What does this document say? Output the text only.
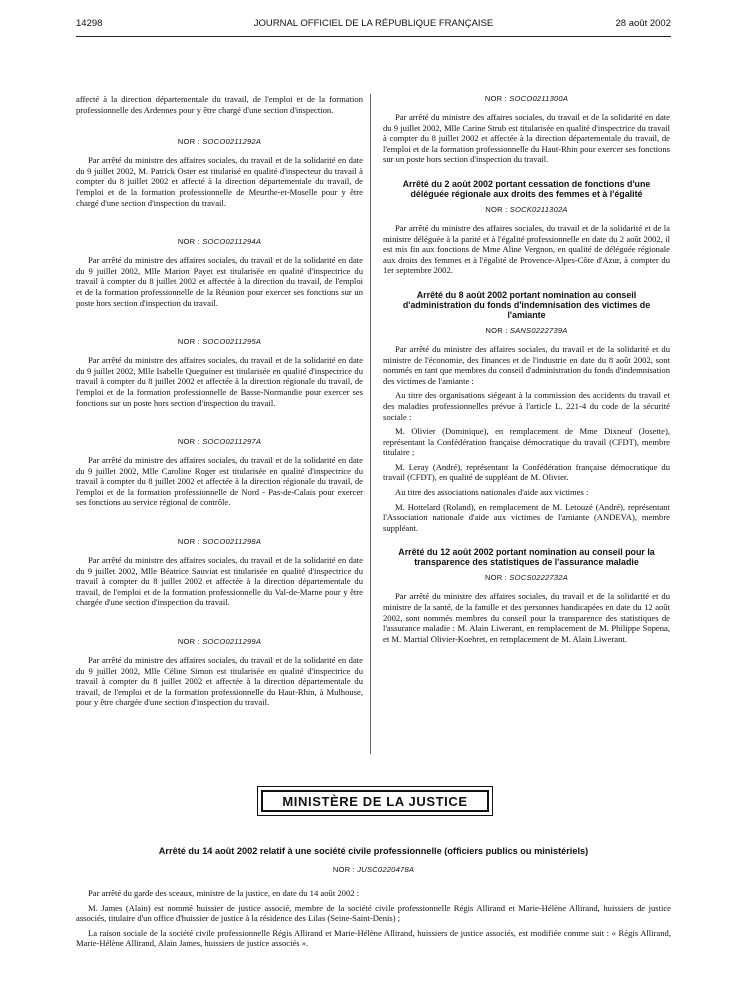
14298	JOURNAL OFFICIEL DE LA RÉPUBLIQUE FRANÇAISE	28 août 2002

affecté à la direction départementale du travail, de l'emploi et de la formation professionnelle des Ardennes pour y être chargé d'une section d'inspection.

NOR : SOCO0211292A

Par arrêté du ministre des affaires sociales, du travail et de la solidarité en date du 9 juillet 2002, M. Patrick Oster est titularisé en qualité d'inspecteur du travail à compter du 8 juillet 2002 et affecté à la direction départementale du travail, de l'emploi et de la formation professionnelle de Meurthe-et-Moselle pour y être chargé d'une section d'inspection du travail.

NOR : SOCO0211294A

Par arrêté du ministre des affaires sociales, du travail et de la solidarité en date du 9 juillet 2002, Mlle Marion Payet est titularisée en qualité d'inspectrice du travail à compter du 8 juillet 2002 et affectée à la direction du travail, de l'emploi et de la formation professionnelle de la Réunion pour exercer ses fonctions sur un poste hors section d'inspection du travail.

NOR : SOCO0211295A

Par arrêté du ministre des affaires sociales, du travail et de la solidarité en date du 9 juillet 2002, Mlle Isabelle Queguiner est titularisée en qualité d'inspectrice du travail à compter du 8 juillet 2002 et affectée à la direction régionale du travail, de l'emploi et de la formation professionnelle de Basse-Normandie pour exercer ses fonctions sur un poste hors section d'inspection du travail.

NOR : SOCO0211297A

Par arrêté du ministre des affaires sociales, du travail et de la solidarité en date du 9 juillet 2002, Mlle Caroline Roger est titularisée en qualité d'inspectrice du travail à compter du 8 juillet 2002 et affectée à la direction régionale du travail, de l'emploi et de la formation professionnelle de Nord - Pas-de-Calais pour exercer ses fonctions au service régional de contrôle.

NOR : SOCO0211298A

Par arrêté du ministre des affaires sociales, du travail et de la solidarité en date du 9 juillet 2002, Mlle Béatrice Sauviat est titularisée en qualité d'inspectrice du travail à compter du 8 juillet 2002 et affectée à la direction départementale du travail, de l'emploi et de la formation professionnelle du Val-de-Marne pour y être chargée d'une section d'inspection du travail.

NOR : SOCO0211299A

Par arrêté du ministre des affaires sociales, du travail et de la solidarité en date du 9 juillet 2002, Mlle Céline Simon est titularisée en qualité d'inspectrice du travail à compter du 8 juillet 2002 et affectée à la direction départementale du travail, de l'emploi et de la formation professionnelle du Haut-Rhin, à Mulhouse, pour y être chargée d'une section d'inspection du travail.

NOR : SOCO0211300A

Par arrêté du ministre des affaires sociales, du travail et de la solidarité en date du 9 juillet 2002, Mlle Carine Strub est titularisée en qualité d'inspectrice du travail à compter du 8 juillet 2002 et affectée à la direction départementale du travail, de l'emploi et de la formation professionnelle du Haut-Rhin pour exercer ses fonctions sur un poste hors section d'inspection du travail.

Arrêté du 2 août 2002 portant cessation de fonctions d'une déléguée régionale aux droits des femmes et à l'égalité
NOR : SOCK0211302A

Par arrêté du ministre des affaires sociales, du travail et de la solidarité et de la ministre déléguée à la parité et à l'égalité professionnelle en date du 2 août 2002, il est mis fin aux fonctions de Mme Aline Vergnon, en qualité de déléguée régionale aux droits des femmes et à l'égalité de Provence-Alpes-Côte d'Azur, à compter du 1er septembre 2002.

Arrêté du 8 août 2002 portant nomination au conseil d'administration du fonds d'indemnisation des victimes de l'amiante
NOR : SANS0222739A

Par arrêté du ministre des affaires sociales, du travail et de la solidarité et du ministre de l'économie, des finances et de l'industrie en date du 8 août 2002, sont nommés en tant que membres du conseil d'administration du fonds d'indemnisation des victimes de l'amiante :

Au titre des organisations siégeant à la commission des accidents du travail et des maladies professionnelles prévue à l'article L. 221-4 du code de la sécurité sociale :

M. Olivier (Dominique), en remplacement de Mme Dixneuf (Josette), représentant la Confédération française démocratique du travail (CFDT), membre titulaire ;

M. Leray (André), représentant la Confédération française démocratique du travail (CFDT), en qualité de suppléant de M. Olivier.

Au titre des associations nationales d'aide aux victimes :

M. Hottelard (Roland), en remplacement de M. Letouzé (André), représentant l'Association nationale d'aide aux victimes de l'amiante (ANDEVA), membre suppléant.

Arrêté du 12 août 2002 portant nomination au conseil pour la transparence des statistiques de l'assurance maladie
NOR : SOCS0222732A

Par arrêté du ministre des affaires sociales, du travail et de la solidarité et du ministre de la santé, de la famille et des personnes handicapées en date du 12 août 2002, sont nommés membres du conseil pour la transparence des statistiques de l'assurance maladie : M. Alain Liwerant, en remplacement de M. Philippe Sopena, et M. Martial Olivier-Koehret, en remplacement de M. Alain Liwerant.

MINISTÈRE DE LA JUSTICE
Arrêté du 14 août 2002 relatif à une société civile professionnelle (officiers publics ou ministériels)
NOR : JUSC0220478A

Par arrêté du garde des sceaux, ministre de la justice, en date du 14 août 2002 :

M. James (Alain) est nommé huissier de justice associé, membre de la société civile professionnelle Régis Allirand et Marie-Hélène Allirand, huissiers de justice associés, titulaire d'un office d'huissier de justice à la résidence des Lilas (Seine-Saint-Denis) ;

La raison sociale de la société civile professionnelle Régis Allirand et Marie-Hélène Allirand, huissiers de justice associés, est modifiée comme suit : « Régis Allirand, Marie-Hélène Allirand, Alain James, huissiers de justice associés ».
